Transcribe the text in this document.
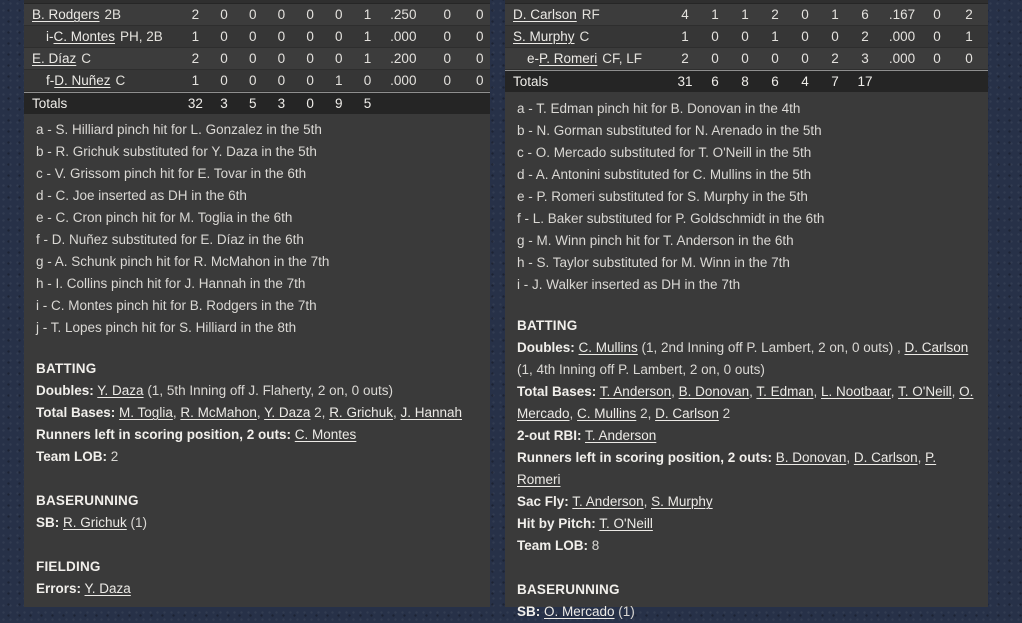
B. Rodgers 2B	2	0	0	0	0	0	1	.250	0	0
i-C. Montes PH, 2B	1	0	0	0	0	0	1	.000	0	0
E. Díaz C	2	0	0	0	0	0	1	.200	0	0
f-D. Nuñez C	1	0	0	0	0	1	0	.000	0	0
Totals	32	3	5	3	0	9	5
a - S. Hilliard pinch hit for L. Gonzalez in the 5th
b - R. Grichuk substituted for Y. Daza in the 5th
c - V. Grissom pinch hit for E. Tovar in the 6th
d - C. Joe inserted as DH in the 6th
e - C. Cron pinch hit for M. Toglia in the 6th
f - D. Nuñez substituted for E. Díaz in the 6th
g - A. Schunk pinch hit for R. McMahon in the 7th
h - I. Collins pinch hit for J. Hannah in the 7th
i - C. Montes pinch hit for B. Rodgers in the 7th
j - T. Lopes pinch hit for S. Hilliard in the 8th
BATTING
Doubles: Y. Daza (1, 5th Inning off J. Flaherty, 2 on, 0 outs)
Total Bases: M. Toglia, R. McMahon, Y. Daza 2, R. Grichuk, J. Hannah
Runners left in scoring position, 2 outs: C. Montes
Team LOB: 2
BASERUNNING
SB: R. Grichuk (1)
FIELDING
Errors: Y. Daza
D. Carlson RF	4	1	1	2	0	1	6	.167	0	2
S. Murphy C	1	0	0	1	0	0	2	.000	0	1
e-P. Romeri CF, LF	2	0	0	0	0	2	3	.000	0	0
Totals	31	6	8	6	4	7	17
a - T. Edman pinch hit for B. Donovan in the 4th
b - N. Gorman substituted for N. Arenado in the 5th
c - O. Mercado substituted for T. O'Neill in the 5th
d - A. Antonini substituted for C. Mullins in the 5th
e - P. Romeri substituted for S. Murphy in the 5th
f - L. Baker substituted for P. Goldschmidt in the 6th
g - M. Winn pinch hit for T. Anderson in the 6th
h - S. Taylor substituted for M. Winn in the 7th
i - J. Walker inserted as DH in the 7th
BATTING
Doubles: C. Mullins (1, 2nd Inning off P. Lambert, 2 on, 0 outs) , D. Carlson (1, 4th Inning off P. Lambert, 2 on, 0 outs)
Total Bases: T. Anderson, B. Donovan, T. Edman, L. Nootbaar, T. O'Neill, O. Mercado, C. Mullins 2, D. Carlson 2
2-out RBI: T. Anderson
Runners left in scoring position, 2 outs: B. Donovan, D. Carlson, P. Romeri
Sac Fly: T. Anderson, S. Murphy
Hit by Pitch: T. O'Neill
Team LOB: 8
BASERUNNING
SB: O. Mercado (1)
